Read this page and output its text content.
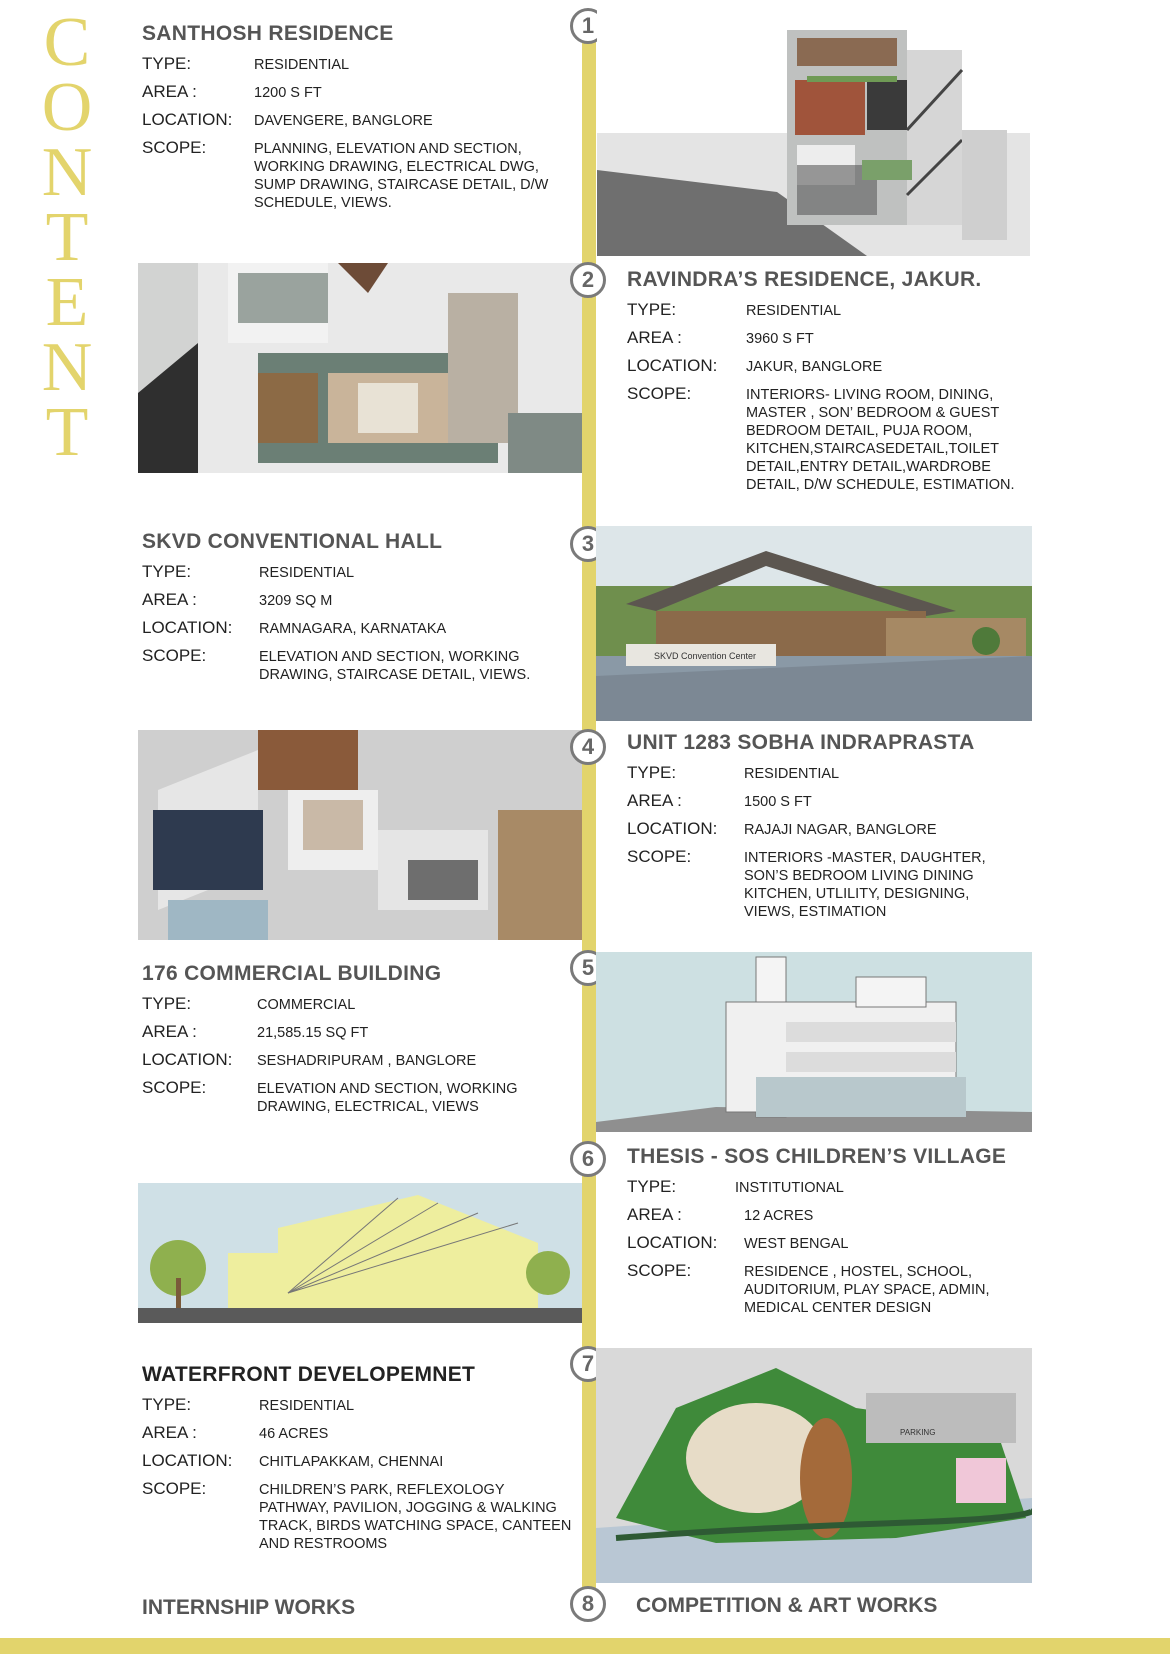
C
O
N
T
E
N
T
SANTHOSH RESIDENCE
TYPE:	RESIDENTIAL
AREA :	1200 S FT
LOCATION:	DAVENGERE, BANGLORE
SCOPE:	PLANNING, ELEVATION AND SECTION, WORKING DRAWING, ELECTRICAL DWG, SUMP DRAWING, STAIRCASE DETAIL, D/W SCHEDULE, VIEWS.
1
2	RAVINDRA’S RESIDENCE, JAKUR.
TYPE:	RESIDENTIAL
AREA :	3960 S FT
LOCATION:	JAKUR, BANGLORE
SCOPE:	INTERIORS- LIVING ROOM, DINING, MASTER , SON’ BEDROOM & GUEST BEDROOM DETAIL, PUJA ROOM, KITCHEN,STAIRCASEDETAIL,TOILET DETAIL,ENTRY DETAIL,WARDROBE DETAIL, D/W SCHEDULE, ESTIMATION.
SKVD CONVENTIONAL HALL
TYPE:	RESIDENTIAL
AREA :	3209 SQ M
LOCATION:	RAMNAGARA, KARNATAKA
SCOPE:	ELEVATION AND SECTION, WORKING DRAWING, STAIRCASE DETAIL, VIEWS.
3
SKVD Convention Center
4	UNIT 1283 SOBHA INDRAPRASTA
TYPE:	RESIDENTIAL
AREA :	1500 S FT
LOCATION:	RAJAJI NAGAR, BANGLORE
SCOPE:	INTERIORS -MASTER, DAUGHTER, SON’S BEDROOM LIVING DINING KITCHEN, UTLILITY, DESIGNING, VIEWS, ESTIMATION
176 COMMERCIAL BUILDING
TYPE:	COMMERCIAL
AREA :	21,585.15 SQ FT
LOCATION:	SESHADRIPURAM , BANGLORE
SCOPE:	ELEVATION AND SECTION, WORKING DRAWING, ELECTRICAL, VIEWS
5
6	THESIS - SOS CHILDREN’S VILLAGE
TYPE:	INSTITUTIONAL
AREA :	12 ACRES
LOCATION:	WEST BENGAL
SCOPE:	RESIDENCE , HOSTEL, SCHOOL, AUDITORIUM, PLAY SPACE, ADMIN, MEDICAL CENTER DESIGN
WATERFRONT DEVELOPEMNET
TYPE:	RESIDENTIAL
AREA :	46 ACRES
LOCATION:	CHITLAPAKKAM, CHENNAI
SCOPE:	CHILDREN’S PARK, REFLEXOLOGY PATHWAY, PAVILION, JOGGING & WALKING TRACK, BIRDS WATCHING SPACE, CANTEEN AND RESTROOMS
7
PARKING
INTERNSHIP WORKS	8	COMPETITION & ART WORKS
